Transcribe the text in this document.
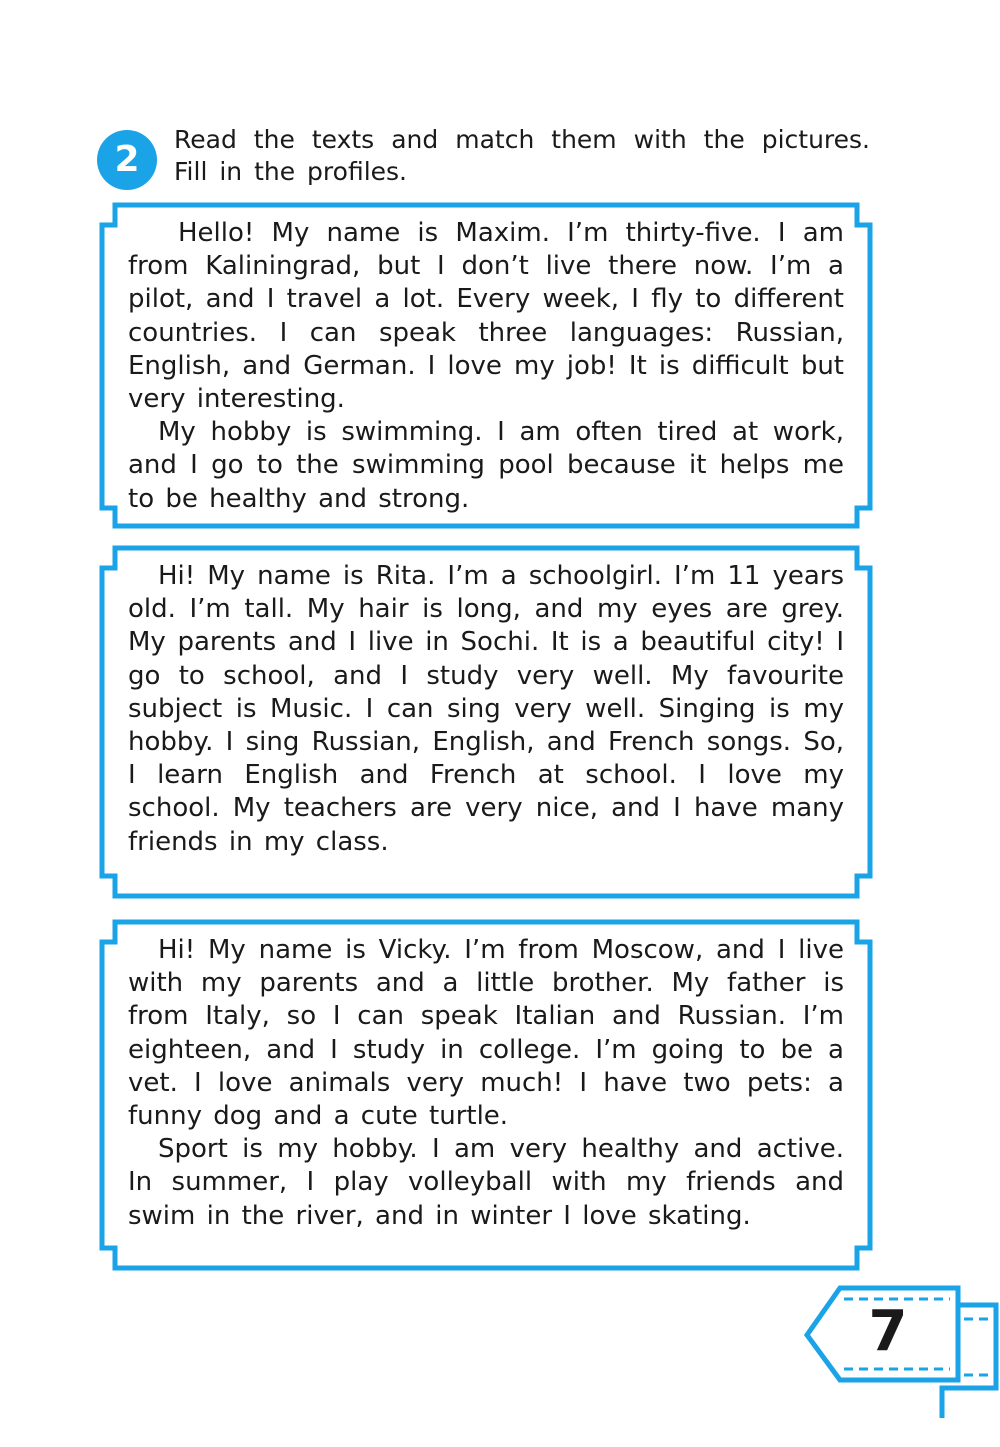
2	Read the texts and match them with the pictures.
Fill in the profiles.

Hello! My name is Maxim. I’m thirty-five. I am from Kaliningrad, but I don’t live there now. I’m a pilot, and I travel a lot. Every week, I fly to different countries. I can speak three languages: Russian, English, and German. I love my job! It is difficult but very interesting.

My hobby is swimming. I am often tired at work, and I go to the swimming pool because it helps me to be healthy and strong.

Hi! My name is Rita. I’m a schoolgirl. I’m 11 years old. I’m tall. My hair is long, and my eyes are grey. My parents and I live in Sochi. It is a beautiful city! I go to school, and I study very well. My favourite subject is Music. I can sing very well. Singing is my hobby. I sing Russian, English, and French songs. So, I learn English and French at school. I love my school. My teachers are very nice, and I have many friends in my class.

Hi! My name is Vicky. I’m from Moscow, and I live with my parents and a little brother. My father is from Italy, so I can speak Italian and Russian. I’m eighteen, and I study in college. I’m going to be a vet. I love animals very much! I have two pets: a funny dog and a cute turtle.

Sport is my hobby. I am very healthy and active. In summer, I play volleyball with my friends and swim in the river, and in winter I love skating.

7
